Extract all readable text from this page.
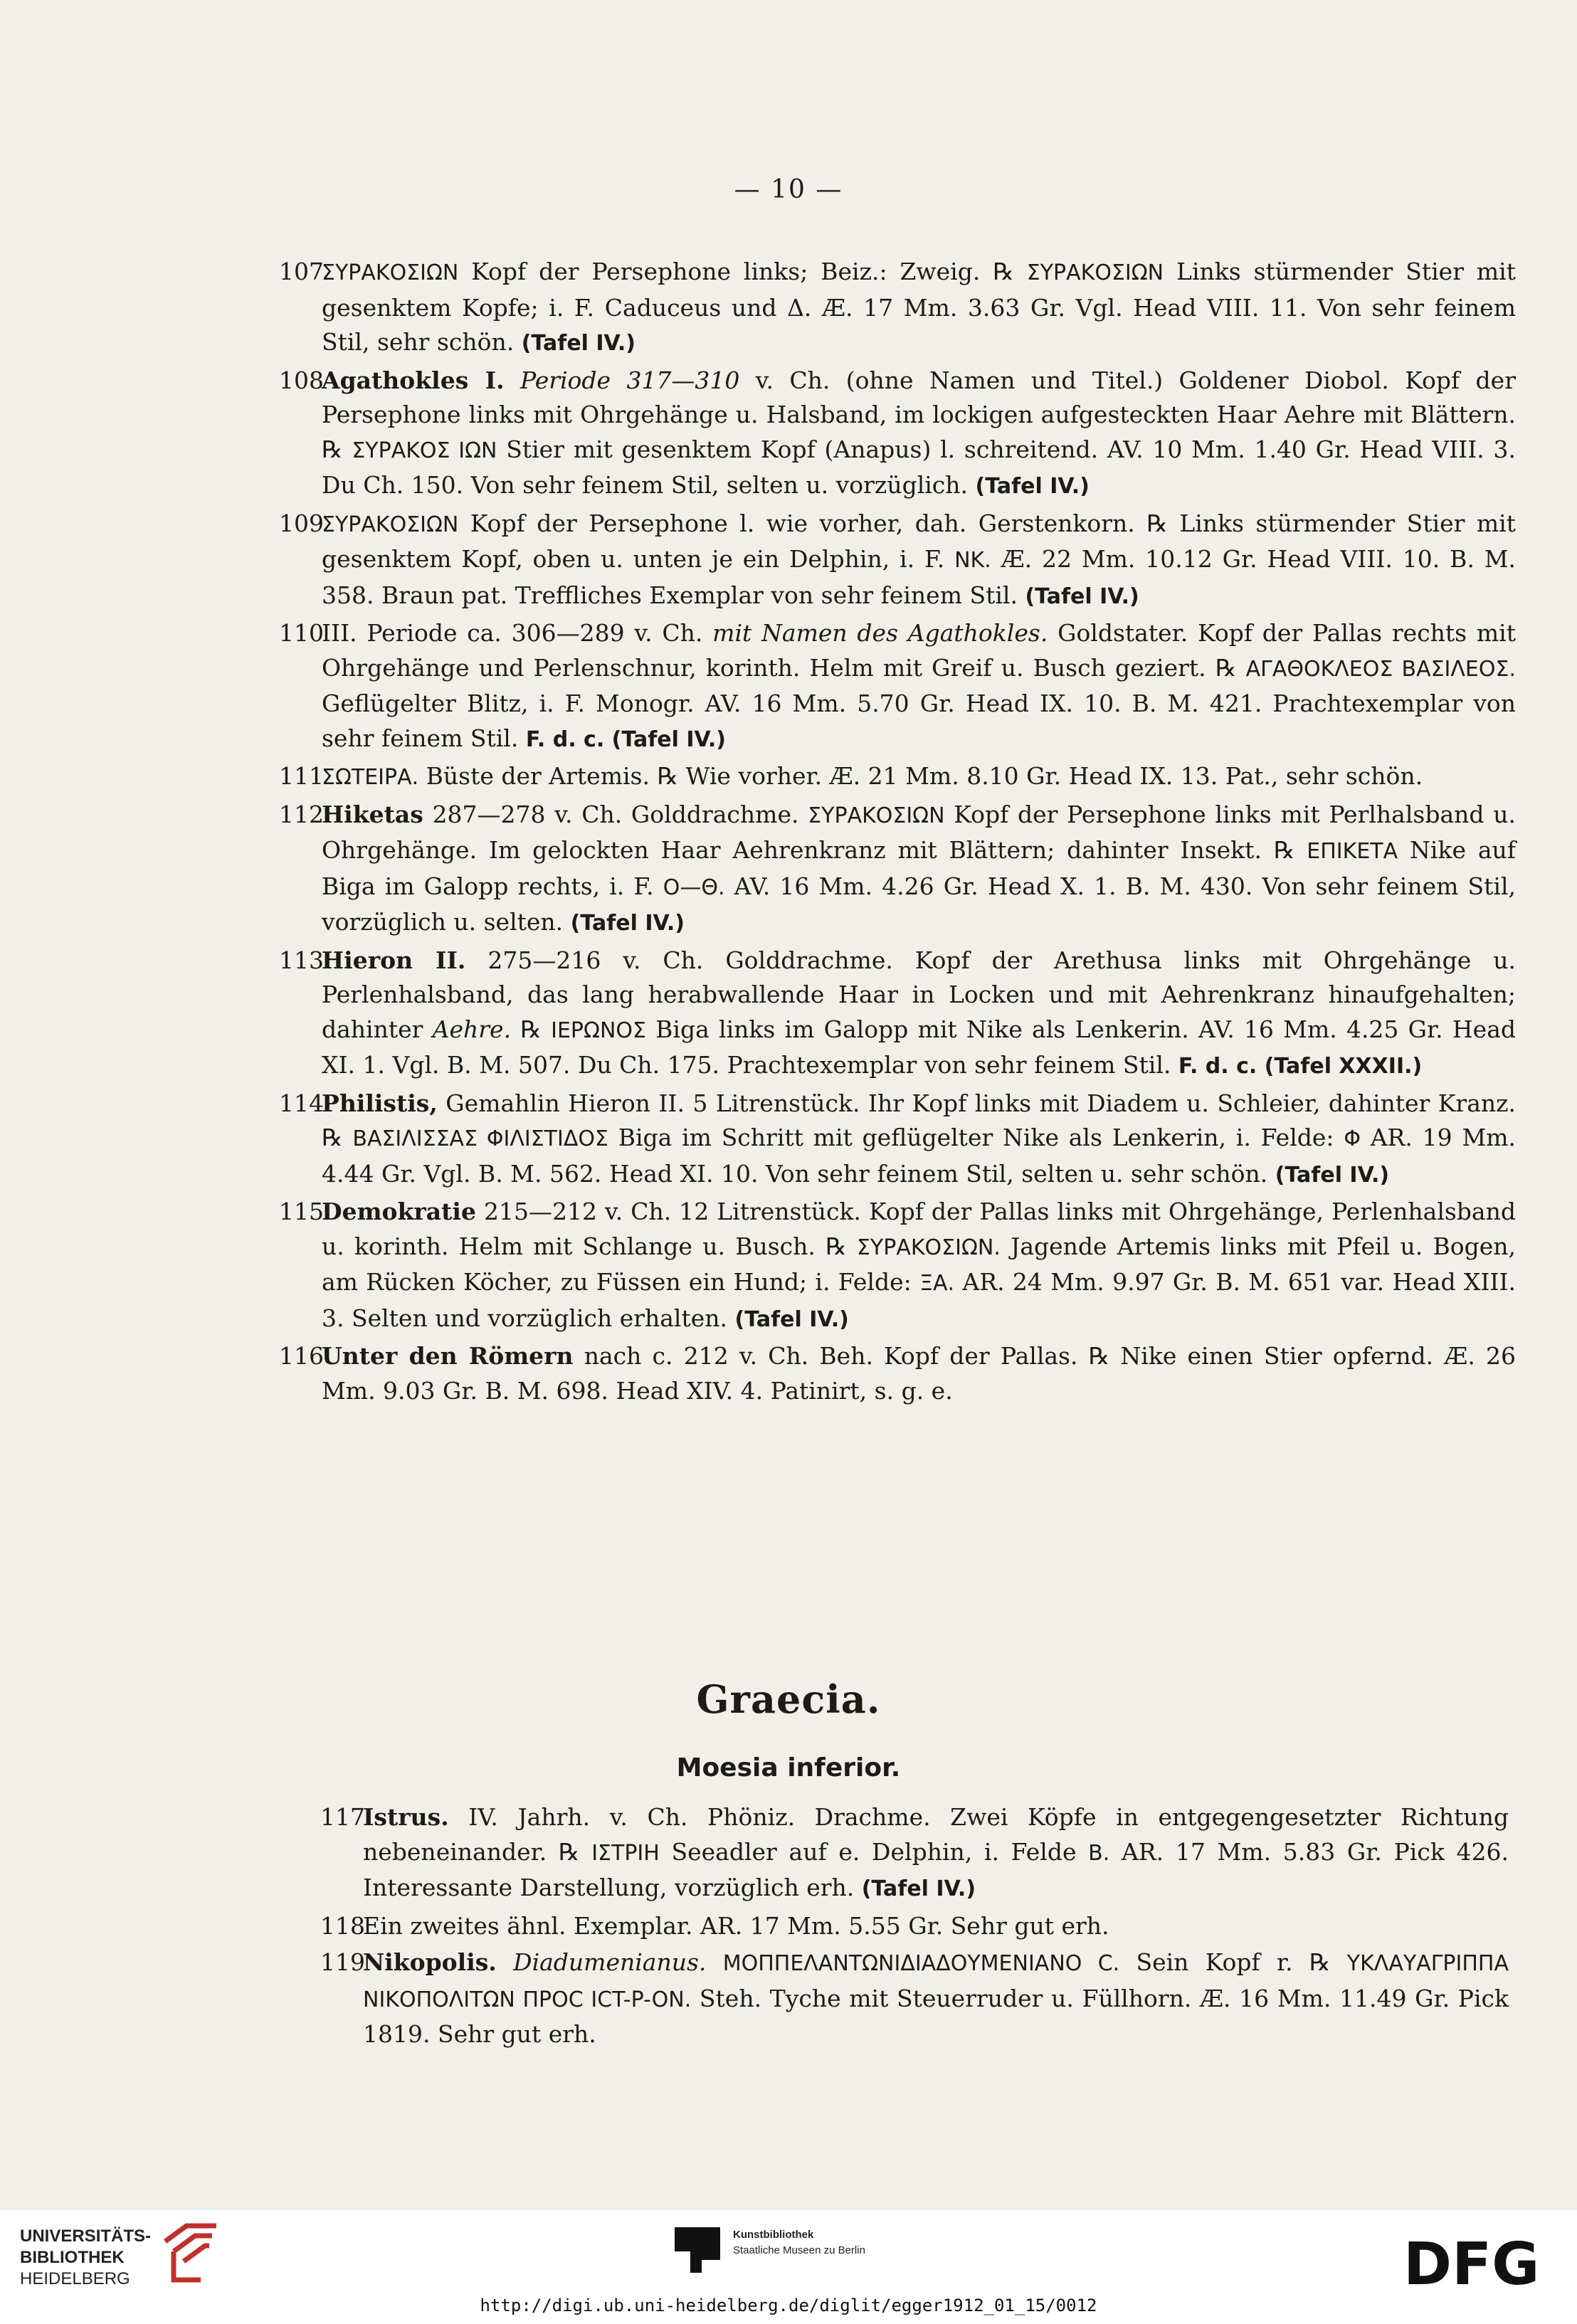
— 10 —
107
ΣΥΡΑΚΟΣΙΩΝ Kopf der Persephone links; Beiz.: Zweig. ℞ ΣΥΡΑΚΟΣΙΩΝ Links stürmender Stier mit gesenktem Kopfe; i. F. Caduceus und Δ. Æ. 17 Mm. 3.63 Gr. Vgl. Head VIII. 11. Von sehr feinem Stil, sehr schön. (Tafel IV.)
108
Agathokles I. Periode 317—310 v. Ch. (ohne Namen und Titel.) Goldener Diobol. Kopf der Persephone links mit Ohrgehänge u. Halsband, im lockigen aufgesteckten Haar Aehre mit Blättern. ℞ ΣΥΡΑΚΟΣ ΙΩΝ Stier mit gesenktem Kopf (Anapus) l. schreitend. AV. 10 Mm. 1.40 Gr. Head VIII. 3. Du Ch. 150. Von sehr feinem Stil, selten u. vorzüglich. (Tafel IV.)
109
ΣΥΡΑΚΟΣΙΩΝ Kopf der Persephone l. wie vorher, dah. Gerstenkorn. ℞ Links stürmender Stier mit gesenktem Kopf, oben u. unten je ein Delphin, i. F. NK. Æ. 22 Mm. 10.12 Gr. Head VIII. 10. B. M. 358. Braun pat. Treffliches Exemplar von sehr feinem Stil. (Tafel IV.)
110
III. Periode ca. 306—289 v. Ch. mit Namen des Agathokles. Goldstater. Kopf der Pallas rechts mit Ohrgehänge und Perlenschnur, korinth. Helm mit Greif u. Busch geziert. ℞ ΑΓΑΘΟΚΛΕΟΣ ΒΑΣΙΛΕΟΣ. Geflügelter Blitz, i. F. Monogr. AV. 16 Mm. 5.70 Gr. Head IX. 10. B. M. 421. Prachtexemplar von sehr feinem Stil. F. d. c. (Tafel IV.)
111
ΣΩΤΕΙΡΑ. Büste der Artemis. ℞ Wie vorher. Æ. 21 Mm. 8.10 Gr. Head IX. 13. Pat., sehr schön.
112
Hiketas 287—278 v. Ch. Golddrachme. ΣΥΡΑΚΟΣΙΩΝ Kopf der Persephone links mit Perlhalsband u. Ohrgehänge. Im gelockten Haar Aehrenkranz mit Blättern; dahinter Insekt. ℞ ΕΠΙΚΕΤΑ Nike auf Biga im Galopp rechts, i. F. Ο—Θ. AV. 16 Mm. 4.26 Gr. Head X. 1. B. M. 430. Von sehr feinem Stil, vorzüglich u. selten. (Tafel IV.)
113
Hieron II. 275—216 v. Ch. Golddrachme. Kopf der Arethusa links mit Ohrgehänge u. Perlenhalsband, das lang herabwallende Haar in Locken und mit Aehrenkranz hinaufgehalten; dahinter Aehre. ℞ ΙΕΡΩΝΟΣ Biga links im Galopp mit Nike als Lenkerin. AV. 16 Mm. 4.25 Gr. Head XI. 1. Vgl. B. M. 507. Du Ch. 175. Prachtexemplar von sehr feinem Stil. F. d. c. (Tafel XXXII.)
114
Philistis, Gemahlin Hieron II. 5 Litrenstück. Ihr Kopf links mit Diadem u. Schleier, dahinter Kranz. ℞ ΒΑΣΙΛΙΣΣΑΣ ΦΙΛΙΣΤΙΔΟΣ Biga im Schritt mit geflügelter Nike als Lenkerin, i. Felde: Φ AR. 19 Mm. 4.44 Gr. Vgl. B. M. 562. Head XI. 10. Von sehr feinem Stil, selten u. sehr schön. (Tafel IV.)
115
Demokratie 215—212 v. Ch. 12 Litrenstück. Kopf der Pallas links mit Ohrgehänge, Perlenhalsband u. korinth. Helm mit Schlange u. Busch. ℞ ΣΥΡΑΚΟΣΙΩΝ. Jagende Artemis links mit Pfeil u. Bogen, am Rücken Köcher, zu Füssen ein Hund; i. Felde: ΞΑ. AR. 24 Mm. 9.97 Gr. B. M. 651 var. Head XIII. 3. Selten und vorzüglich erhalten. (Tafel IV.)
116
Unter den Römern nach c. 212 v. Ch. Beh. Kopf der Pallas. ℞ Nike einen Stier opfernd. Æ. 26 Mm. 9.03 Gr. B. M. 698. Head XIV. 4. Patinirt, s. g. e.
Graecia.
Moesia inferior.
117
Istrus. IV. Jahrh. v. Ch. Phöniz. Drachme. Zwei Köpfe in entgegengesetzter Richtung nebeneinander. ℞ ΙΣΤΡΙΗ Seeadler auf e. Delphin, i. Felde Β. AR. 17 Mm. 5.83 Gr. Pick 426. Interessante Darstellung, vorzüglich erh. (Tafel IV.)
118
Ein zweites ähnl. Exemplar. AR. 17 Mm. 5.55 Gr. Sehr gut erh.
119
Nikopolis. Diadumenianus. ΜΟΠΠΕΛΑΝΤΩΝΙΔΙΑΔΟΥΜΕΝΙΑΝΟ C. Sein Kopf r. ℞ ΥΚΛΑΥΑΓΡΙΠΠΑ ΝΙΚΟΠΟΛΙΤΩΝ ΠΡΟC ICT-P-ON. Steh. Tyche mit Steuerruder u. Füllhorn. Æ. 16 Mm. 11.49 Gr. Pick 1819. Sehr gut erh.
UNIVERSITÄTS-
BIBLIOTHEK
HEIDELBERG
Kunstbibliothek
Staatliche Museen zu Berlin	DFG
http://digi.ub.uni-heidelberg.de/diglit/egger1912_01_15/0012
